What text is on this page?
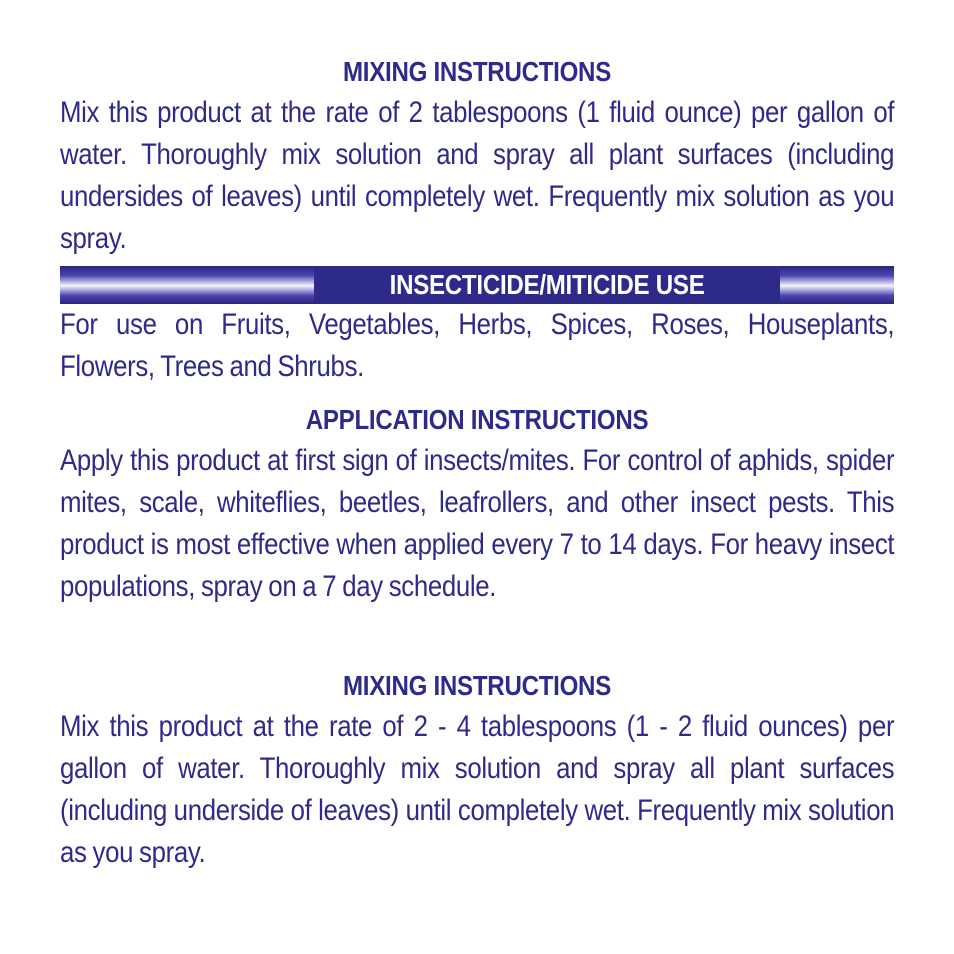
MIXING INSTRUCTIONS

Mix this product at the rate of 2 tablespoons (1 fluid ounce) per gallon of water. Thoroughly mix solution and spray all plant surfaces (including undersides of leaves) until completely wet. Frequently mix solution as you spray.

INSECTICIDE/MITICIDE USE

For use on Fruits, Vegetables, Herbs, Spices, Roses, Houseplants, Flowers, Trees and Shrubs.

APPLICATION INSTRUCTIONS

Apply this product at first sign of insects/mites. For control of aphids, spider mites, scale, whiteflies, beetles, leafrollers, and other insect pests. This product is most effective when applied every 7 to 14 days. For heavy insect populations, spray on a 7 day schedule.

MIXING INSTRUCTIONS

Mix this product at the rate of 2 - 4 tablespoons (1 - 2 fluid ounces) per gallon of water. Thoroughly mix solution and spray all plant surfaces (including underside of leaves) until completely wet. Frequently mix solution as you spray.
